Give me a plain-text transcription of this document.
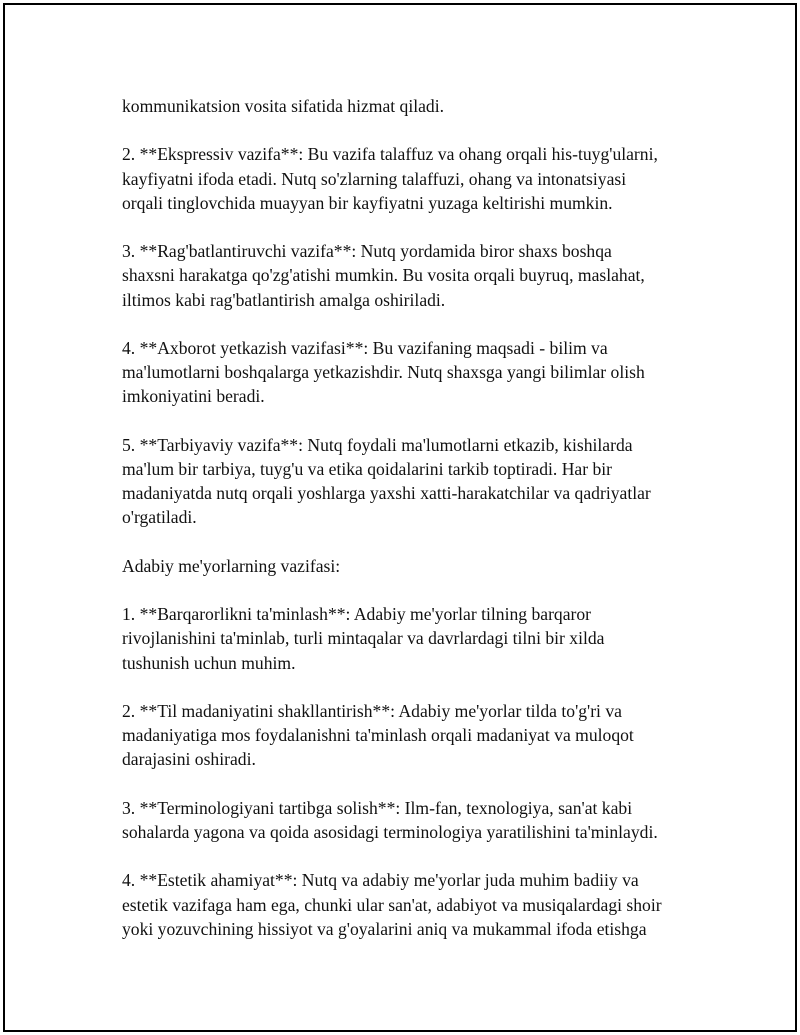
kommunikatsion vosita sifatida hizmat qiladi.

2. **Ekspressiv vazifa**: Bu vazifa talaffuz va ohang orqali his-tuyg'ularni,
kayfiyatni ifoda etadi. Nutq so'zlarning talaffuzi, ohang va intonatsiyasi
orqali tinglovchida muayyan bir kayfiyatni yuzaga keltirishi mumkin.

3. **Rag'batlantiruvchi vazifa**: Nutq yordamida biror shaxs boshqa
shaxsni harakatga qo'zg'atishi mumkin. Bu vosita orqali buyruq, maslahat,
iltimos kabi rag'batlantirish amalga oshiriladi.

4. **Axborot yetkazish vazifasi**: Bu vazifaning maqsadi - bilim va
ma'lumotlarni boshqalarga yetkazishdir. Nutq shaxsga yangi bilimlar olish
imkoniyatini beradi.

5. **Tarbiyaviy vazifa**: Nutq foydali ma'lumotlarni etkazib, kishilarda
ma'lum bir tarbiya, tuyg'u va etika qoidalarini tarkib toptiradi. Har bir
madaniyatda nutq orqali yoshlarga yaxshi xatti-harakatchilar va qadriyatlar
o'rgatiladi.

Adabiy me'yorlarning vazifasi:

1. **Barqarorlikni ta'minlash**: Adabiy me'yorlar tilning barqaror
rivojlanishini ta'minlab, turli mintaqalar va davrlardagi tilni bir xilda
tushunish uchun muhim.

2. **Til madaniyatini shakllantirish**: Adabiy me'yorlar tilda to'g'ri va
madaniyatiga mos foydalanishni ta'minlash orqali madaniyat va muloqot
darajasini oshiradi.

3. **Terminologiyani tartibga solish**: Ilm-fan, texnologiya, san'at kabi
sohalarda yagona va qoida asosidagi terminologiya yaratilishini ta'minlaydi.

4. **Estetik ahamiyat**: Nutq va adabiy me'yorlar juda muhim badiiy va
estetik vazifaga ham ega, chunki ular san'at, adabiyot va musiqalardagi shoir
yoki yozuvchining hissiyot va g'oyalarini aniq va mukammal ifoda etishga
